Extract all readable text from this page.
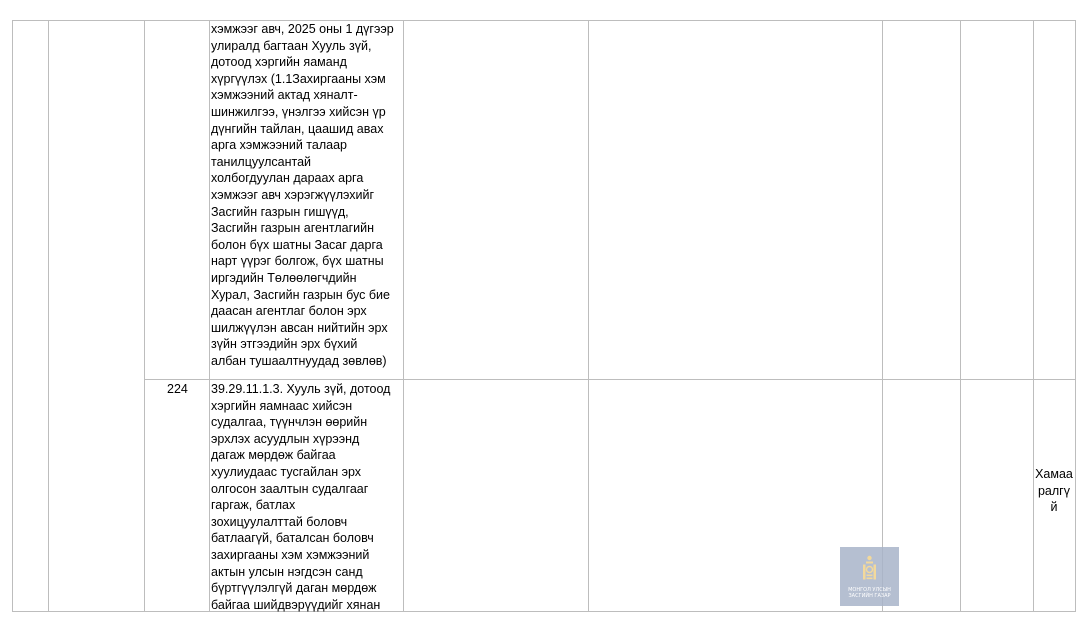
хэмжээг авч, 2025 оны 1 дүгээр
улиралд багтаан Хууль зүй,
дотоод хэргийн яаманд
хүргүүлэх (1.1Захиргааны хэм
хэмжээний актад хяналт-
шинжилгээ, үнэлгээ хийсэн үр
дүнгийн тайлан, цаашид авах
арга хэмжээний талаар
танилцуулсантай
холбогдуулан дараах арга
хэмжээг авч хэрэгжүүлэхийг
Засгийн газрын гишүүд,
Засгийн газрын агентлагийн
болон бүх шатны Засаг дарга
нарт үүрэг болгож, бүх шатны
иргэдийн Төлөөлөгчдийн
Хурал, Засгийн газрын бус бие
даасан агентлаг болон эрх
шилжүүлэн авсан нийтийн эрх
зүйн этгээдийн эрх бүхий
албан тушаалтнуудад зөвлөв)
224 39.29.11.1.3. Хууль зүй, дотоод
хэргийн яамнаас хийсэн
судалгаа, түүнчлэн өөрийн
эрхлэх асуудлын хүрээнд
дагаж мөрдөж байгаа
хуулиудаас тусгайлан эрх
олгосон заалтын судалгааг
гаргаж, батлах
зохицуулалттай боловч
батлаагүй, баталсан боловч
захиргааны хэм хэмжээний
актын улсын нэгдсэн санд
бүртгүүлэлгүй даган мөрдөж
байгаа шийдвэрүүдийг хянан
Хамаа
ралгү
й
МОНГОЛ УЛСЫН
ЗАСГИЙН ГАЗАР
